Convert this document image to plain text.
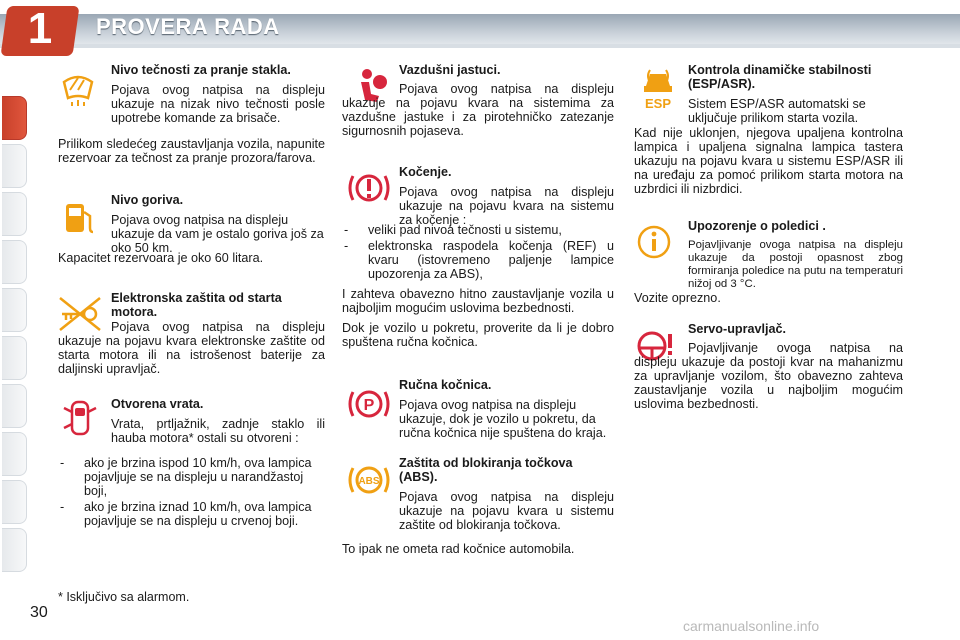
1	PROVERA RADA

Nivo tečnosti za pranje stakla.

Pojava ovog natpisa na displeju ukazuje na nizak nivo tečnosti posle upotrebe komande za brisače.

Prilikom sledećeg zaustavljanja vozila, napunite rezervoar za tečnost za pranje prozora/farova.

Nivo goriva.

Pojava ovog natpisa na displeju ukazuje da vam je ostalo goriva još za oko 50 km.

Kapacitet rezervoara je oko 60 litara.

Elektronska zaštita od starta motora.

Pojava ovog natpisa na displeju ukazuje na pojavu kvara elektronske zaštite od starta motora ili na istrošenost baterije za daljinski upravljač.

Otvorena vrata.

Vrata, prtljažnik, zadnje staklo ili hauba motora* ostali su otvoreni :

- ako je brzina ispod 10 km/h, ova lampica pojavljuje se na displeju u narandžastoj boji,
- ako je brzina iznad 10 km/h, ova lampica pojavljuje se na displeju u crvenoj boji.

Vazdušni jastuci.

Pojava ovog natpisa na displeju ukazuje na pojavu kvara na sistemima za vazdušne jastuke i za pirotehničko zatezanje sigurnosnih pojaseva.

Kočenje.

Pojava ovog natpisa na displeju ukazuje na pojavu kvara na sistemu za kočenje :

- veliki pad nivoa tečnosti u sistemu,
- elektronska raspodela kočenja (REF) u kvaru (istovremeno paljenje lampice upozorenja za ABS),

I zahteva obavezno hitno zaustavljanje vozila u najboljim mogućim uslovima bezbednosti.

Dok je vozilo u pokretu, proverite da li je dobro spuštena ručna kočnica.

P

Ručna kočnica.

Pojava ovog natpisa na displeju ukazuje, dok je vozilo u pokretu, da ručna kočnica nije spuštena do kraja.

ABS

Zaštita od blokiranja točkova (ABS).

Pojava ovog natpisa na displeju ukazuje na pojavu kvara u sistemu zaštite od blokiranja točkova.

To ipak ne ometa rad kočnice automobila.

ESP

Kontrola dinamičke stabilnosti (ESP/ASR).

Sistem ESP/ASR automatski se uključuje prilikom starta vozila.

Kad nije uklonjen, njegova upaljena kontrolna lampica i upaljena signalna lampica tastera ukazuju na pojavu kvara u sistemu ESP/ASR ili na uređaju za pomoć prilikom starta motora na uzbrdici ili nizbrdici.

Upozorenje o poledici .

Pojavljivanje ovoga natpisa na displeju ukazuje da postoji opasnost zbog formiranja poledice na putu na temperaturi nižoj od 3 °C.

Vozite oprezno.

Servo-upravljač.

Pojavljivanje ovoga natpisa na displeju ukazuje da postoji kvar na mahanizmu za upravljanje vozilom, što obavezno zahteva zaustavljanje vozila u najboljim mogućim uslovima bezbednosti.

* Isključivo sa alarmom.
30
carmanualsonline.info
